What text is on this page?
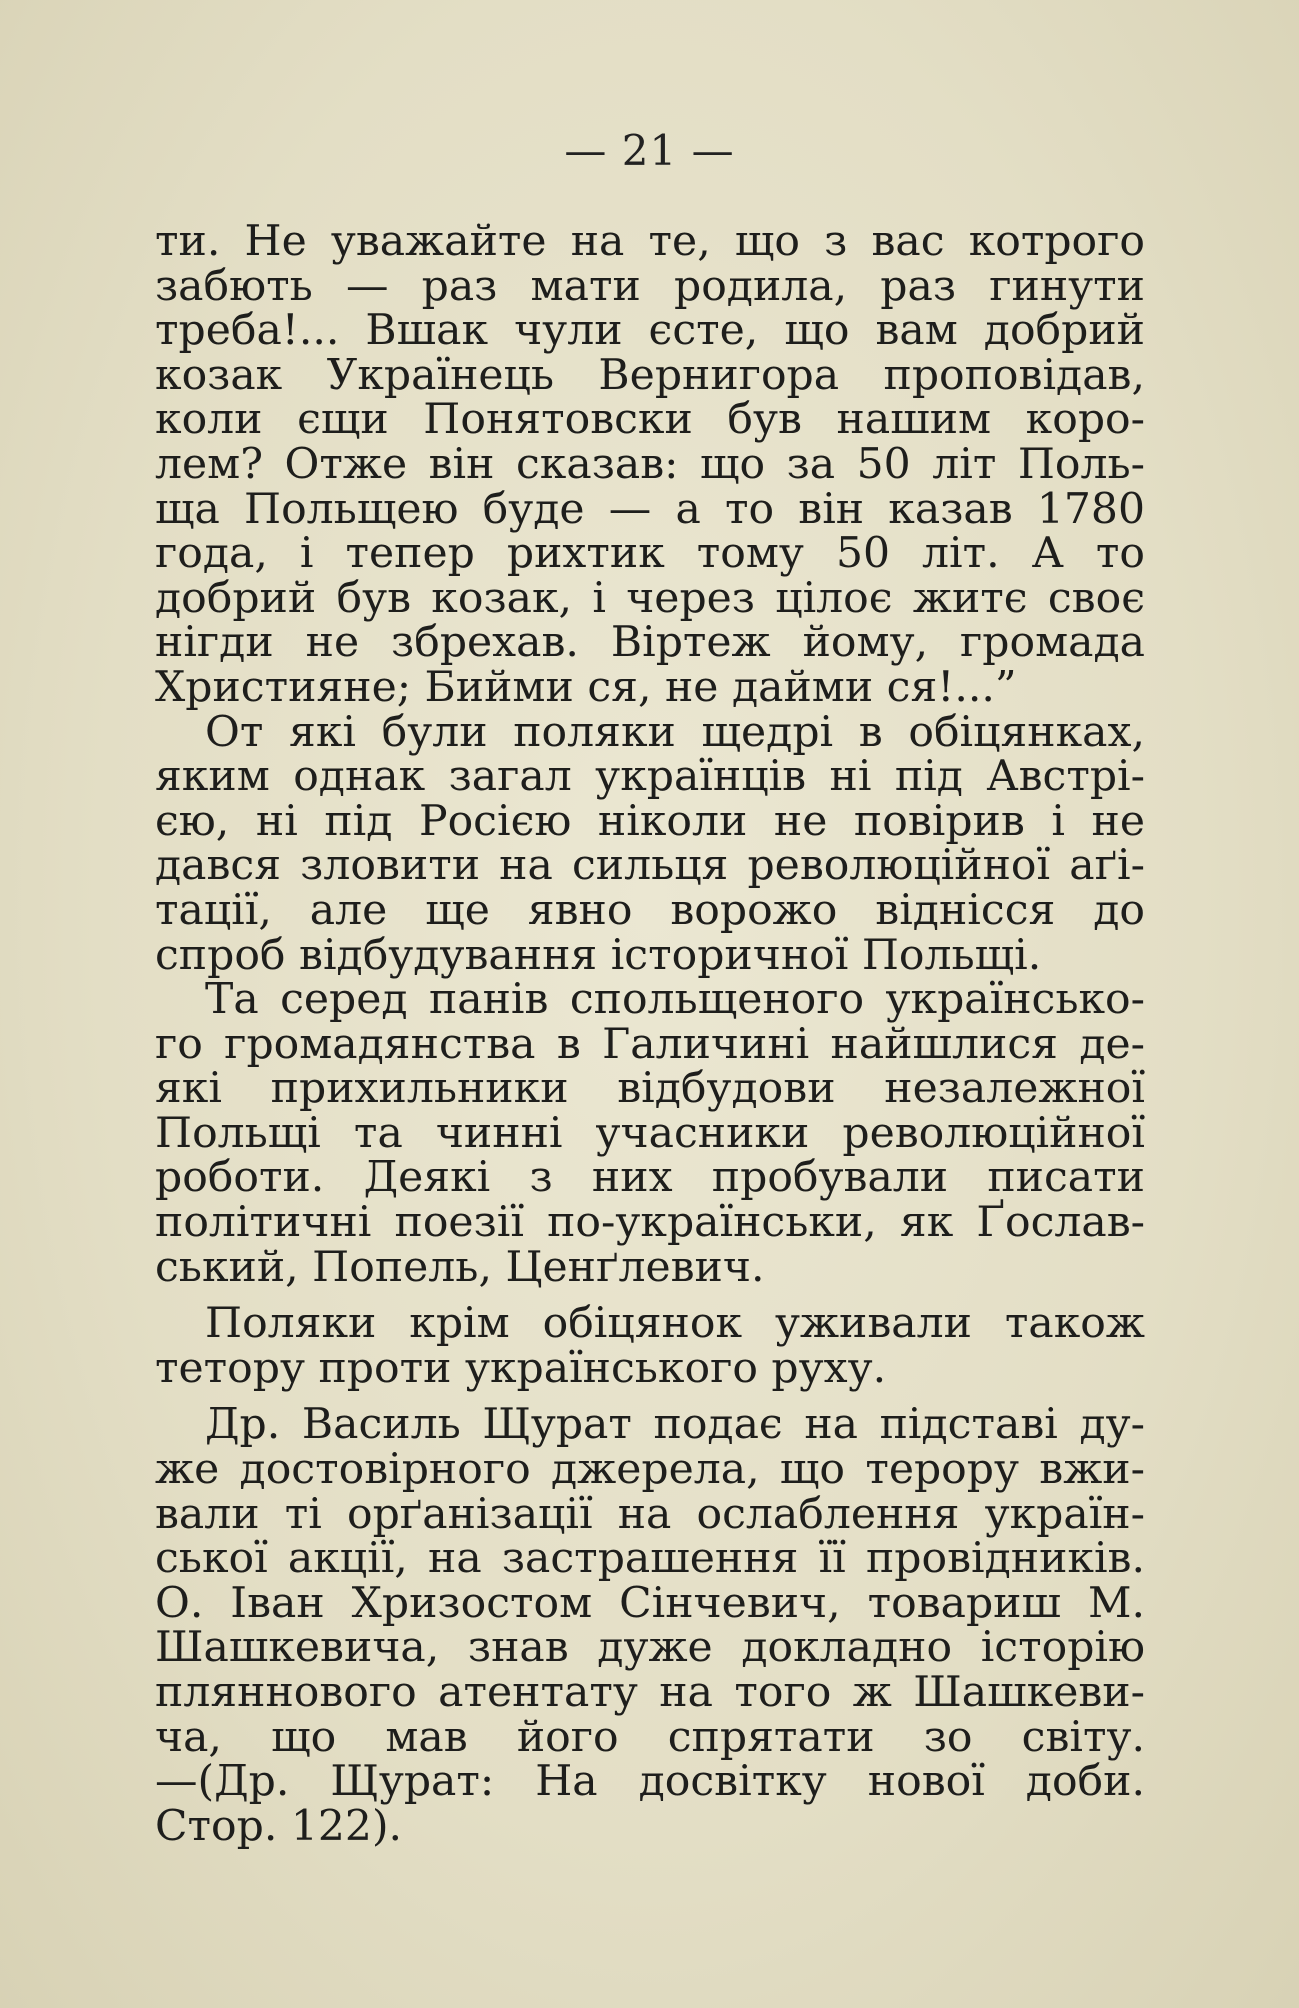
— 21 —
ти. Не уважайте на те, що з вас котрого
забють — раз мати родила, раз гинути
треба!... Вшак чули єсте, що вам добрий
козак Українець Вернигора проповідав,
коли єщи Понятовски був нашим коро-
лем? Отже він сказав: що за 50 літ Поль-
ща Польщею буде — а то він казав 1780
года, і тепер рихтик тому 50 літ. А то
добрий був козак, і через цілоє житє своє
нігди не збрехав. Віртеж йому, громада
Християне; Бийми ся, не дайми ся!...”
От які були поляки щедрі в обіцянках,
яким однак загал українців ні під Австрі-
єю, ні під Росією ніколи не повірив і не
дався зловити на сильця революційної аґі-
тації, але ще явно ворожо віднісся до
спроб відбудування історичної Польщі.
Та серед панів спольщеного українсько-
го громадянства в Галичині найшлися де-
які прихильники відбудови незалежної
Польщі та чинні учасники революційної
роботи. Деякі з них пробували писати
політичні поезії по-українськи, як Ґослав-
ський, Попель, Ценґлевич.
Поляки крім обіцянок уживали також
тетору проти українського руху.
Др. Василь Щурат подає на підставі ду-
же достовірного джерела, що терору вжи-
вали ті орґанізації на ослаблення україн-
ської акції, на застрашення її провідників.
О. Іван Хризостом Сінчевич, товариш М.
Шашкевича, знав дуже докладно історію
пляннового атентату на того ж Шашкеви-
ча, що мав його спрятати зо світу.
—(Др. Щурат: На досвітку нової доби.
Стор. 122).
